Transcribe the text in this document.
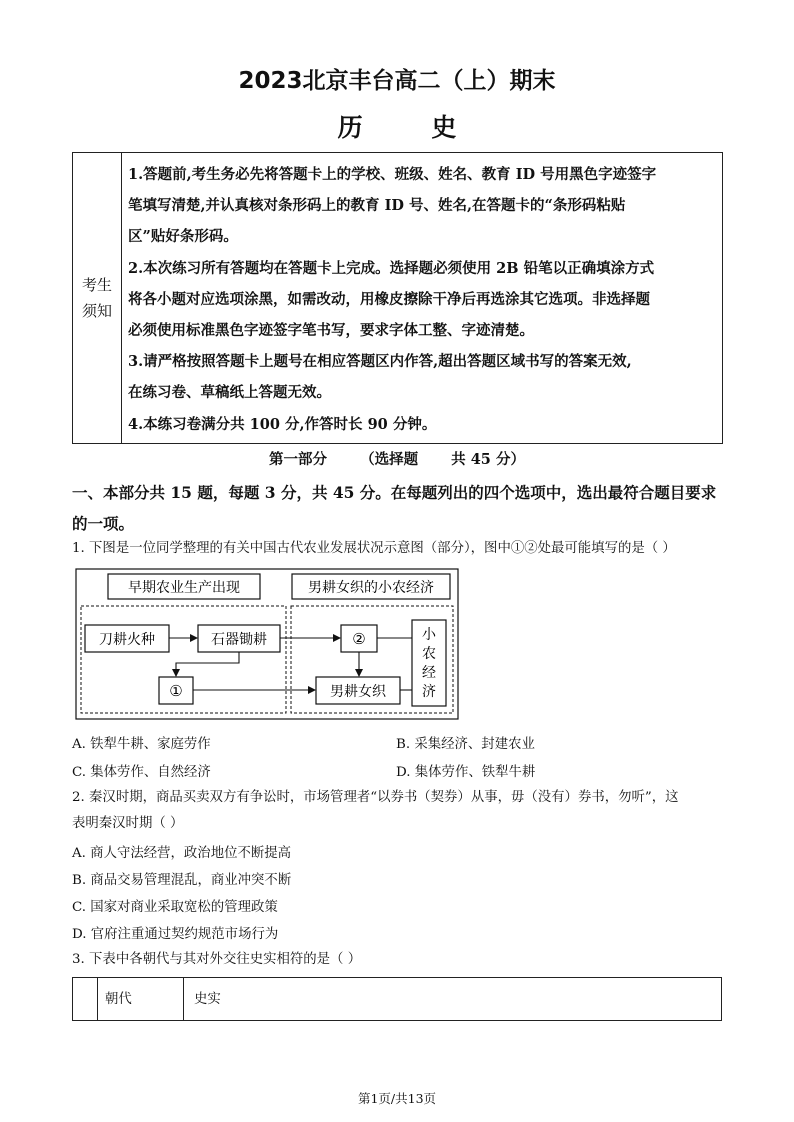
2023北京丰台高二（上）期末
历 史
考生
须知

1.答题前,考生务必先将答题卡上的学校、班级、姓名、教育 ID 号用黑色字迹签字

笔填写清楚,并认真核对条形码上的教育 ID 号、姓名,在答题卡的“条形码粘贴

区”贴好条形码。

2.本次练习所有答题均在答题卡上完成。选择题必须使用 2B 铅笔以正确填涂方式

将各小题对应选项涂黑，如需改动，用橡皮擦除干净后再选涂其它选项。非选择题

必须使用标准黑色字迹签字笔书写，要求字体工整、字迹清楚。

3.请严格按照答题卡上题号在相应答题区内作答,超出答题区域书写的答案无效,

在练习卷、草稿纸上答题无效。

4.本练习卷满分共 100 分,作答时长 90 分钟。

第一部分 （选择题 共 45 分）
一、本部分共 15 题，每题 3 分，共 45 分。在每题列出的四个选项中，选出最符合题目要求
的一项。
1. 下图是一位同学整理的有关中国古代农业发展状况示意图（部分），图中①②处最可能填写的是（ ）
早期农业生产出现	男耕女织的小农经济
刀耕火种	石器锄耕
①
②
男耕女织
小
农
经
济
A. 铁犁牛耕、家庭劳作	B. 采集经济、封建农业
C. 集体劳作、自然经济	D. 集体劳作、铁犁牛耕
2. 秦汉时期，商品买卖双方有争讼时，市场管理者“以券书（契券）从事，毋（没有）券书，勿听”，这
表明秦汉时期（ ）
A. 商人守法经营，政治地位不断提高
B. 商品交易管理混乱，商业冲突不断
C. 国家对商业采取宽松的管理政策
D. 官府注重通过契约规范市场行为
3. 下表中各朝代与其对外交往史实相符的是（ ）
朝代	史实
第1页/共13页
